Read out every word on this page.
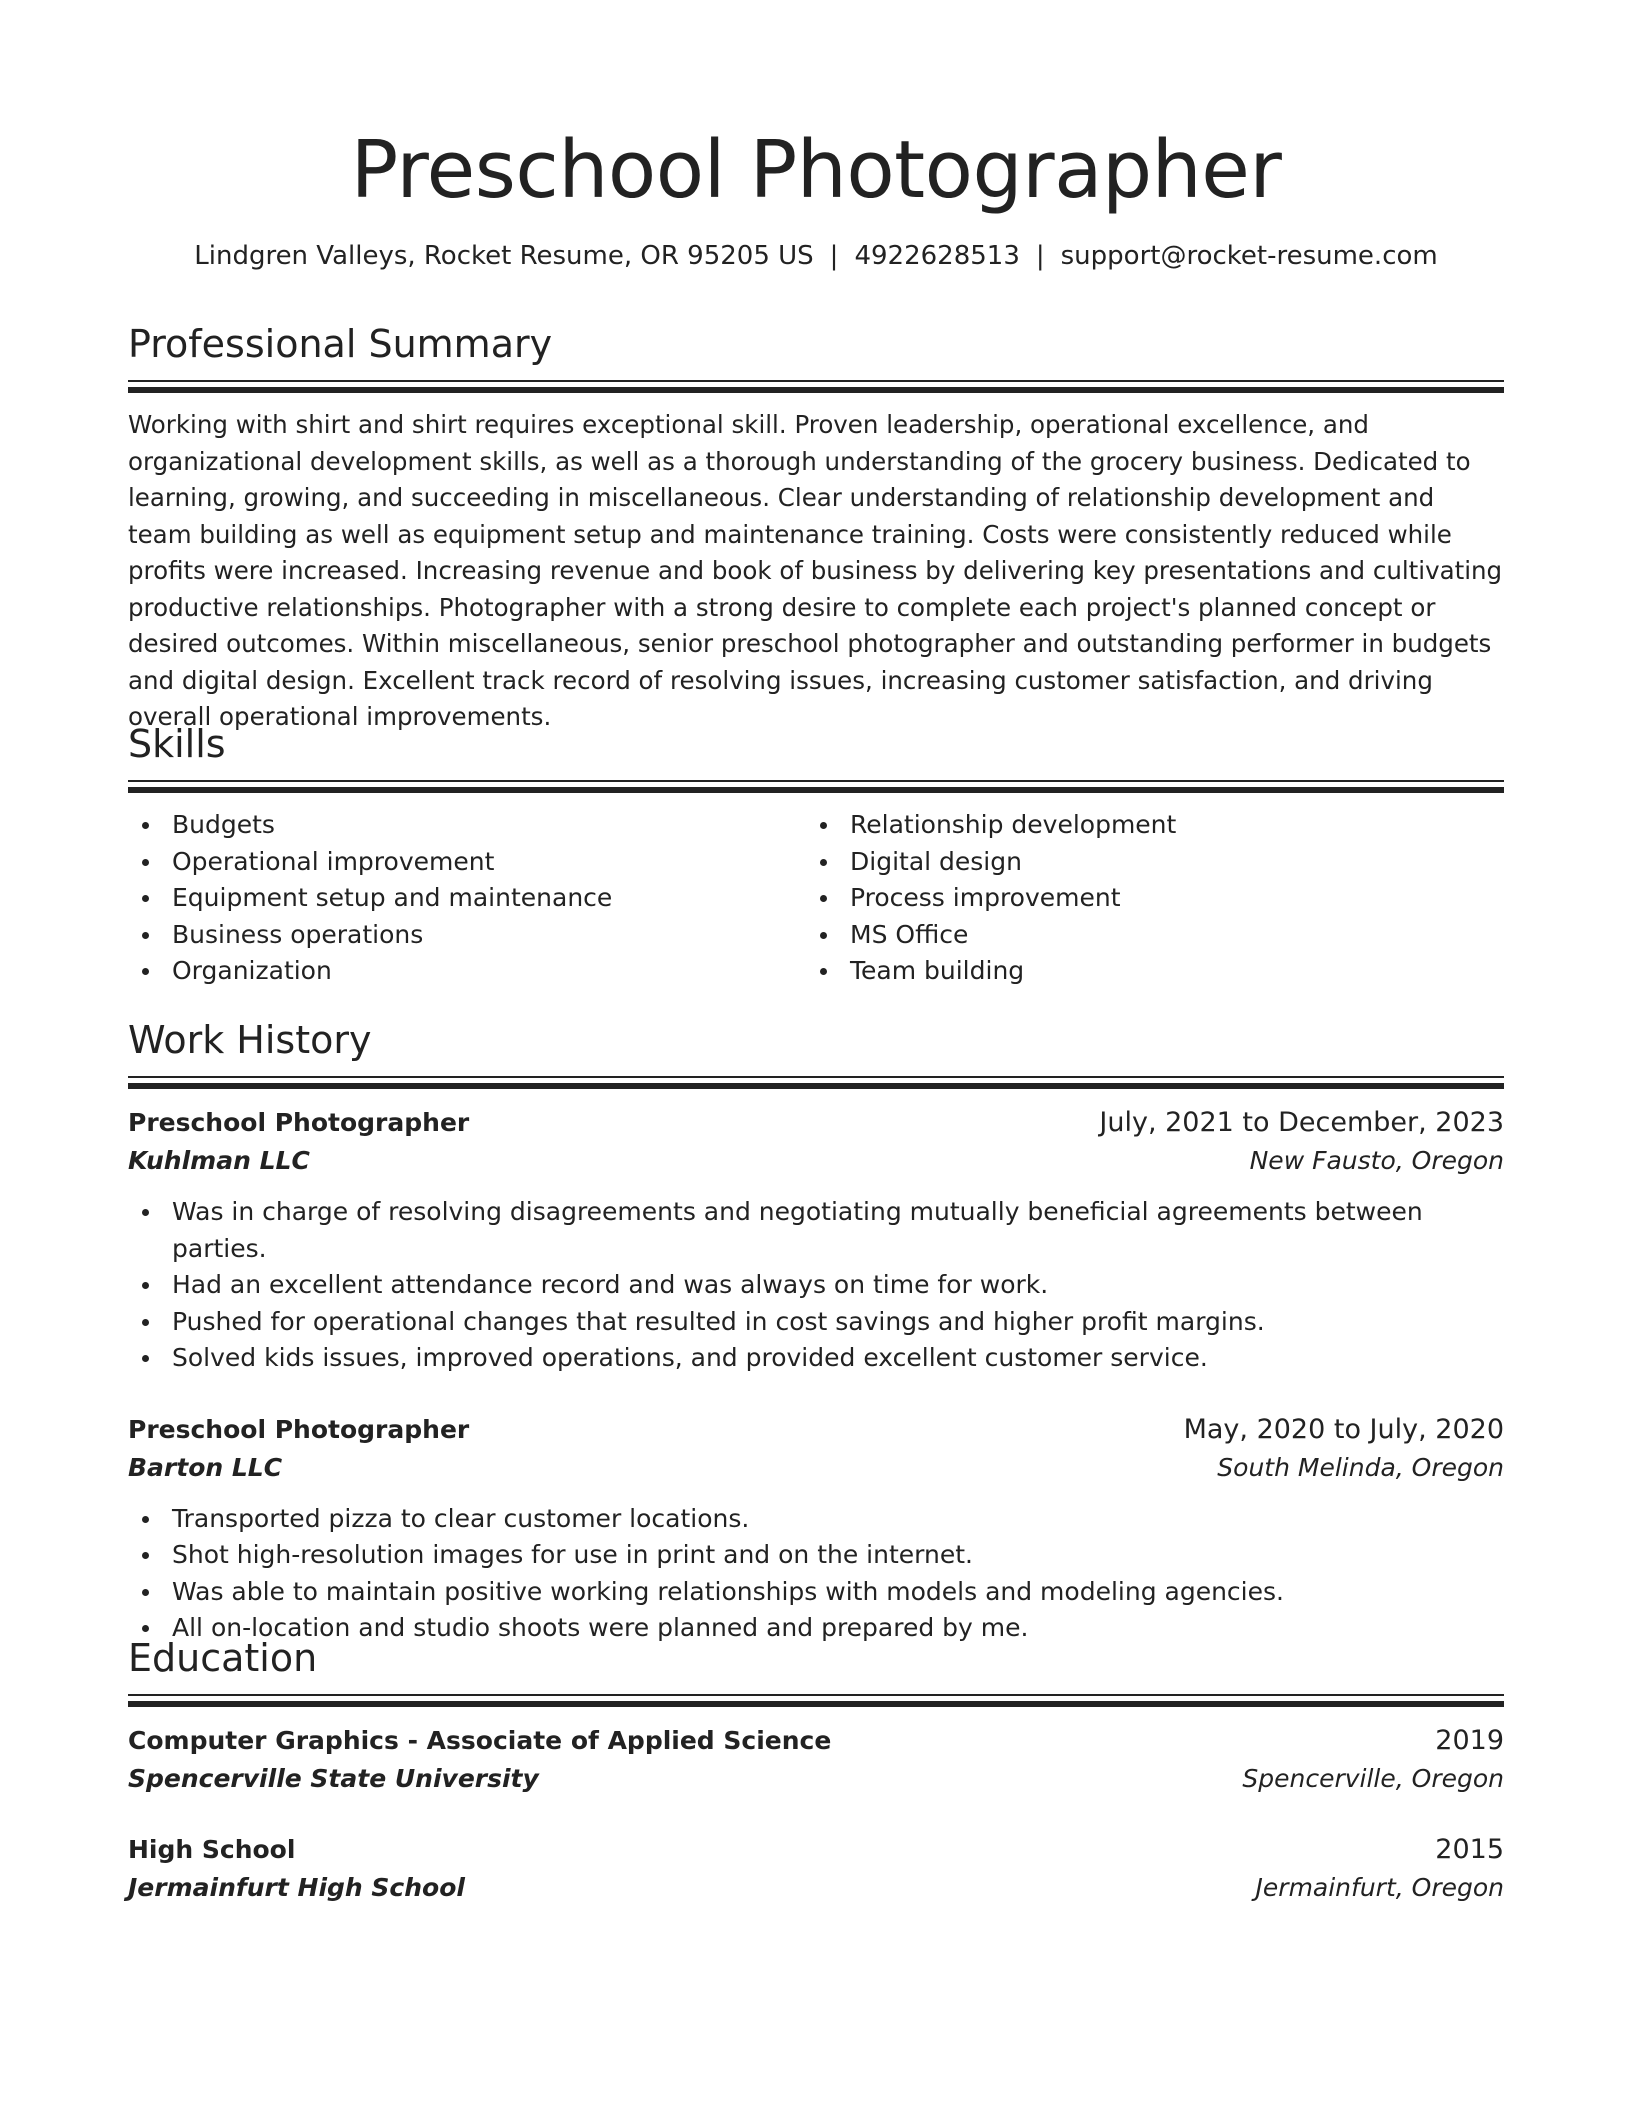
Preschool Photographer
Lindgren Valleys, Rocket Resume, OR 95205 US | 4922628513 | support@rocket-resume.com
Professional Summary

Working with shirt and shirt requires exceptional skill. Proven leadership, operational excellence, and organizational development skills, as well as a thorough understanding of the grocery business. Dedicated to learning, growing, and succeeding in miscellaneous. Clear understanding of relationship development and team building as well as equipment setup and maintenance training. Costs were consistently reduced while profits were increased. Increasing revenue and book of business by delivering key presentations and cultivating productive relationships. Photographer with a strong desire to complete each project's planned concept or desired outcomes. Within miscellaneous, senior preschool photographer and outstanding performer in budgets and digital design. Excellent track record of resolving issues, increasing customer satisfaction, and driving overall operational improvements.

Skills
Budgets
Operational improvement
Equipment setup and maintenance
Business operations
Organization
Relationship development
Digital design
Process improvement
MS Office
Team building
Work History
Preschool Photographer	July, 2021 to December, 2023
Kuhlman LLC	New Fausto, Oregon
Was in charge of resolving disagreements and negotiating mutually beneficial agreements between parties.
Had an excellent attendance record and was always on time for work.
Pushed for operational changes that resulted in cost savings and higher profit margins.
Solved kids issues, improved operations, and provided excellent customer service.
Preschool Photographer	May, 2020 to July, 2020
Barton LLC	South Melinda, Oregon
Transported pizza to clear customer locations.
Shot high-resolution images for use in print and on the internet.
Was able to maintain positive working relationships with models and modeling agencies.
All on-location and studio shoots were planned and prepared by me.
Education
Computer Graphics - Associate of Applied Science	2019
Spencerville State University	Spencerville, Oregon
High School	2015
Jermainfurt High School	Jermainfurt, Oregon
